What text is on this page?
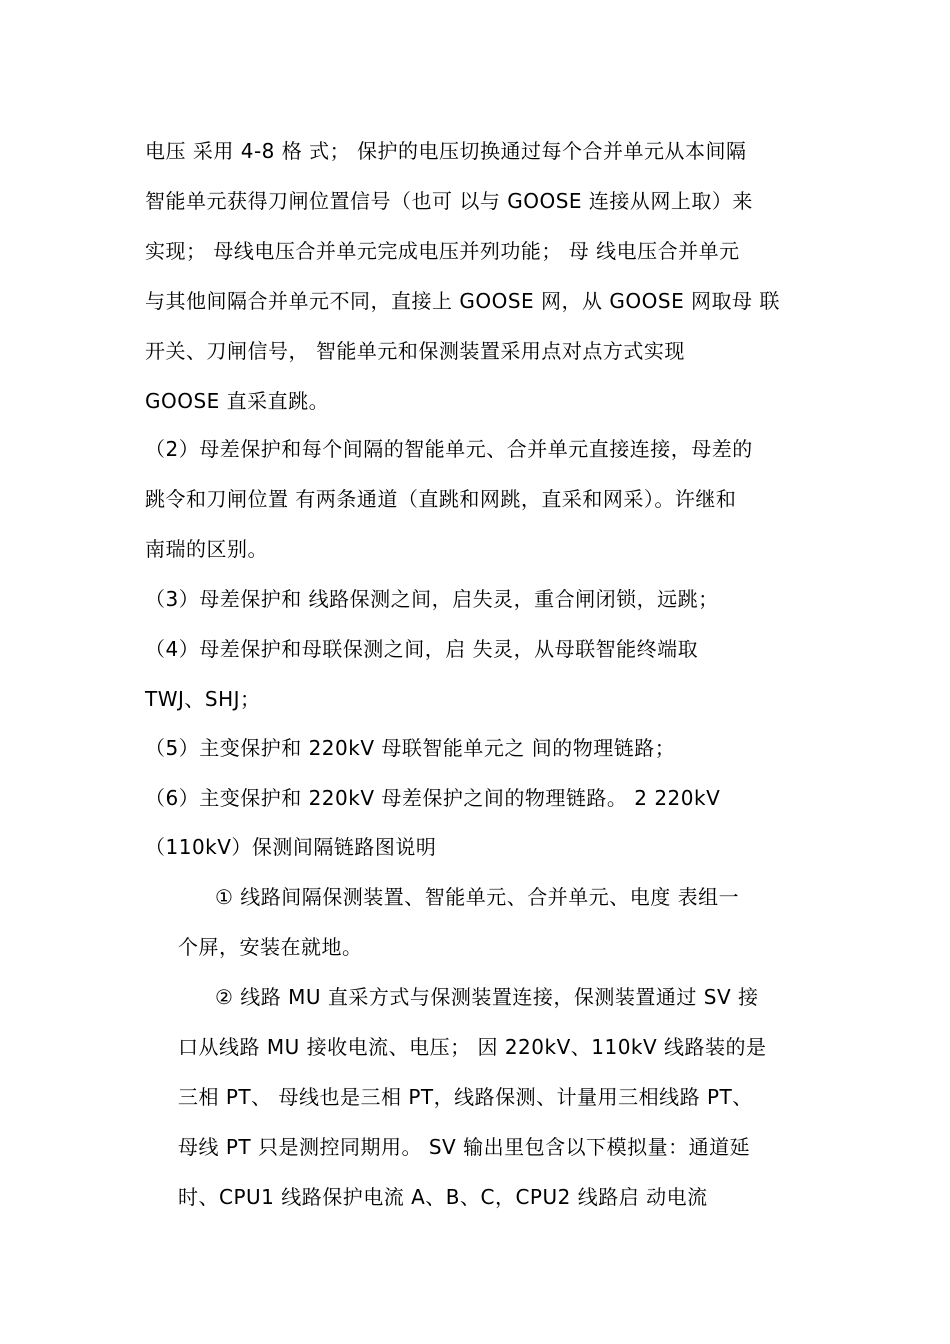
电压 采用 4-8 格 式； 保护的电压切换通过每个合并单元从本间隔
智能单元获得刀闸位置信号（也可 以与 GOOSE 连接从网上取）来
实现； 母线电压合并单元完成电压并列功能； 母 线电压合并单元
与其他间隔合并单元不同，直接上 GOOSE 网，从 GOOSE 网取母 联
开关、刀闸信号， 智能单元和保测装置采用点对点方式实现
GOOSE 直采直跳。
（2）母差保护和每个间隔的智能单元、合并单元直接连接，母差的
跳令和刀闸位置 有两条通道（直跳和网跳，直采和网采）。许继和
南瑞的区别。
（3）母差保护和 线路保测之间，启失灵，重合闸闭锁，远跳；
（4）母差保护和母联保测之间，启 失灵，从母联智能终端取
TWJ、SHJ；
（5）主变保护和 220kV 母联智能单元之 间的物理链路；
（6）主变保护和 220kV 母差保护之间的物理链路。 2 220kV
（110kV）保测间隔链路图说明
① 线路间隔保测装置、智能单元、合并单元、电度 表组一
个屏，安装在就地。
② 线路 MU 直采方式与保测装置连接，保测装置通过 SV 接
口从线路 MU 接收电流、电压； 因 220kV、110kV 线路装的是
三相 PT、 母线也是三相 PT，线路保测、计量用三相线路 PT、
母线 PT 只是测控同期用。 SV 输出里包含以下模拟量：通道延
时、CPU1 线路保护电流 A、B、C，CPU2 线路启 动电流
